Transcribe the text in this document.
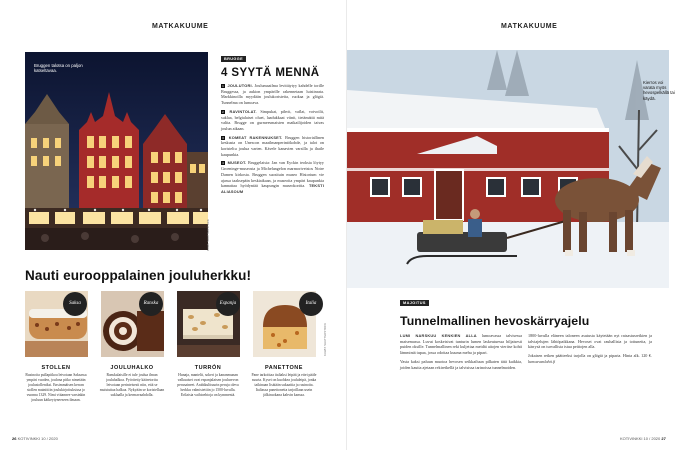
MATKAKUUME
Bruggen talotsa on paljon katseltavaa.
KUVA: SHUTTERSTOCK
BRUGGE
4 SYYTÄ MENNÄ

1 JOULUTORI. Joulumaailma levittäytyy kahdelle torille Bruggessa, ja aukion ympärille rakennetaan luistinrata. Markkinoilla myydään joulukoristeita, ruokaa ja glögiä. Tunnelma on lumoava.

2 RAVINTOLAT. Simpukat, pihvit, vaflat, votvoilit, suklaa, belgialaiset oluet, laadukkaat viinit, tietämättä mitä valita. Brugge on gurmeesmaisten matkailijoiden taivas joulun aikaan.

3 KOMEAT RAKENNUKSET. Bruggen historiallinen keskusta on Unescon maailmanperintökohde, ja talot on koristeltu joulua varten. Kävele kanavien varsilla ja ihaile kaupunkia.

4 MUSEOT. Bruggelaisia: Jan van Eyckin teoksia löytyy Groeninge-museosta ja Michelangelon marmoriveistos Notre Damen kirkosta. Bruggen suosituin museo Historium vie ajassa taaksepäin keskiaikaan, ja museoita ympäri kaupunkia kannattaa hyödyntää kaupungin museokorttia. TEKSTI ALIASOUM

Nauti eurooppalainen jouluherkku!
Saksa	Ranska	Espanja	Italia
KUVAT: SHUTTERSTOCK
STOLLEN
Rusinoita pullapitkoa leivotaan Saksassa ympäri vuoden, joulona pitko nimetään joulustolleniksi. Ensimmäisen kerran stollen mainittiin joulukirjoituksissa jo vuonna 1329. Nimi viitannee varsinkin jouluun kätkeytyneeseen ilmaan.
JOULUHALKO
Ranskalaisille ei tule joulua ilman jouluhalkoa. Pyöritetty kääretorttu leivotaan perinteisesti niin, että se muistuttaa halkoa. Nykyään se koristellaan suklaalla ja kermavaahdolla.
TURRÓN
Hunaja, mantelit, sokeri ja kananmunan valkuaiset ovat espanjalaisen joulurevon perusaineet. Arabikulttuurin peruja oleva herkku valmistettiin jo 1500-luvulla. Erilaisia vaihtoehtoja on kymmeniä.
PANETTONE
Pane tarkoittaa italiaksi leipää ja ettei pääle suurta. Kysei on kuohkea joululeipä, jonka taikinaan lisätään sukaattia ja rusinoita. Italiassa panettonetta tarjoillaan usein jälkiruokana kahvin kanssa.
26 KOTIVINKKI 10 / 2020
MATKAKUUME
Kierros voi varata myös hevospelkällä tai käydä.
MAJOITUS
Tunnelmallinen hevoskärryajelu

LUMI NARSKUU KENKIEN ALLA lumoavassa talvisessa maisemassa. Luvut koskeisivat tunturin lumen laskeutuessa hiljaisesti puiden oksille. Tunnelmallinen reki kuljettaa meidät aitojen vieritse kohti lämmintä tupaa, jossa odottaa kuuma mehu ja pipari.

Vasta kaksi paluun muotoa hevosen seikkailuun pilkaten tätä kaikkia, joiden kautta ajetaan rekiretkellä ja talvisissa tarinoissa tunnelmoiden.

1800-luvulla eläneen taloneen asutusta käytetään nyt ratsastusretkien ja talviajelujen lähtöpaikkana. Hevoset ovat rauhallisia ja tottuneita, ja kärrysä on turvallista istua peittojen alla.

Jokaisen retken päätteeksi tarjolla on glögiä ja piparia. Hinta alk. 120 €. lumoavanlahti.fi

KOTIVINKKI 10 / 2020 27
